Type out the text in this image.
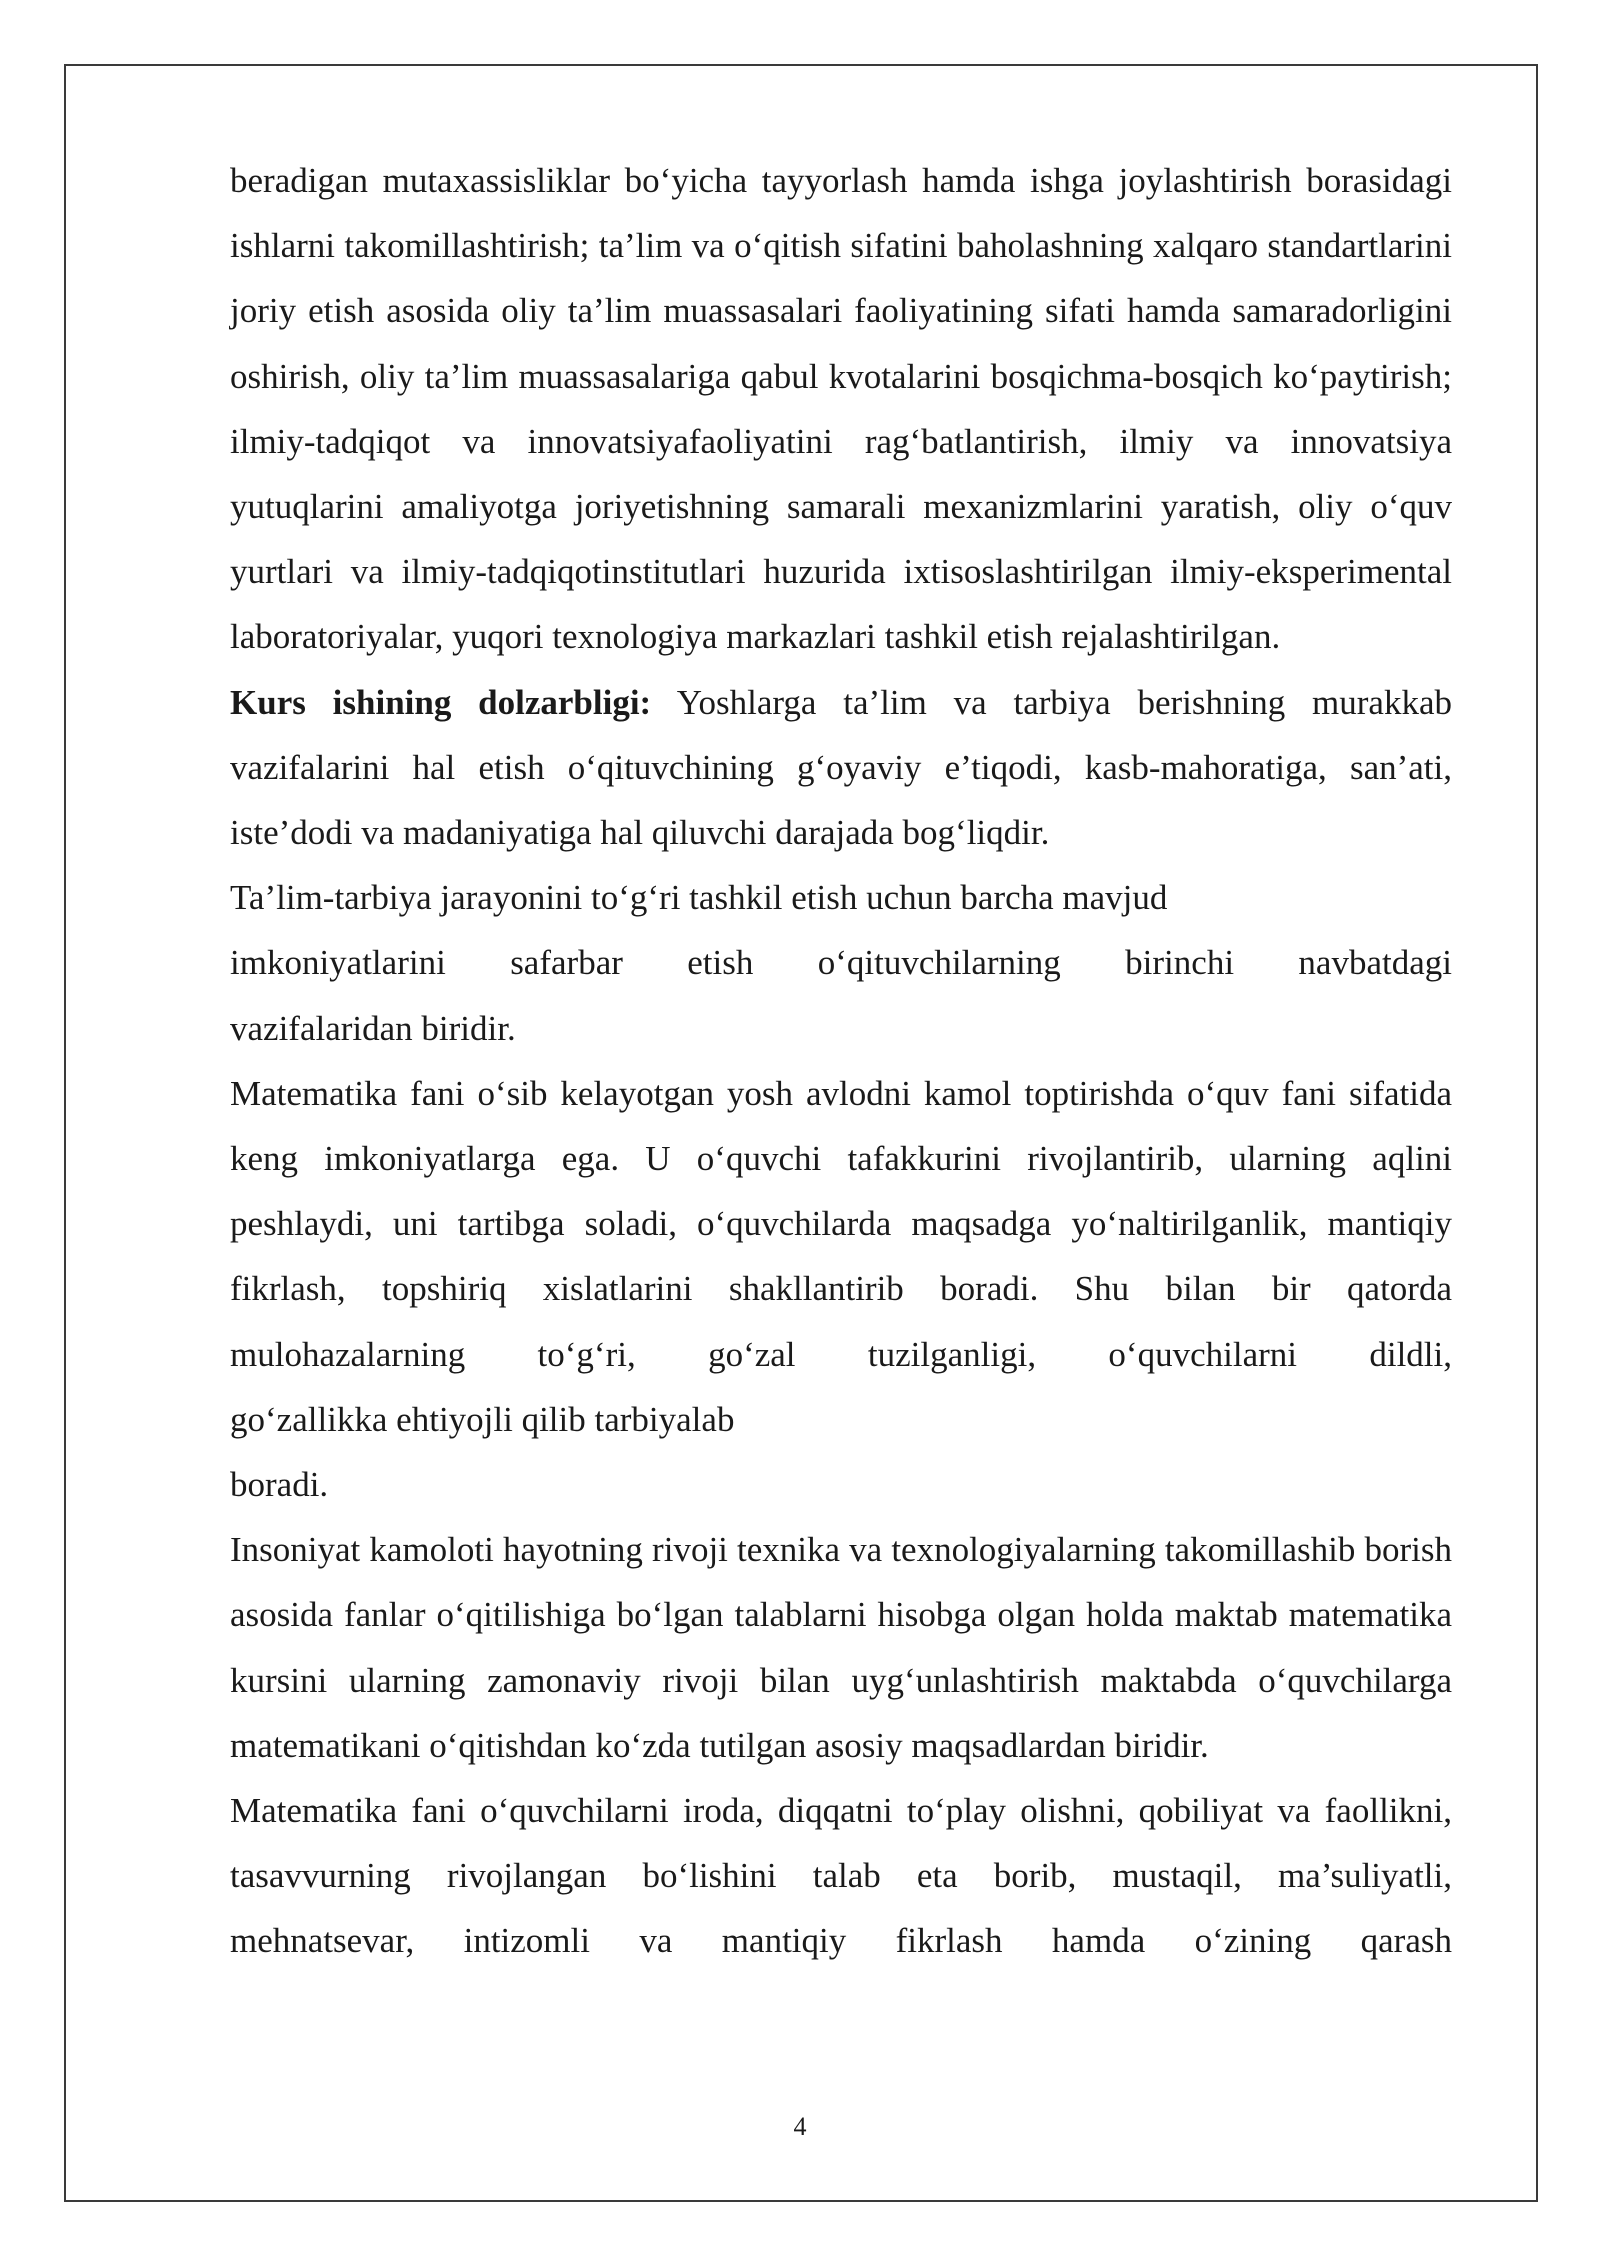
beradigan mutaxassisliklar bo‘yicha tayyorlash hamda ishga joylashtirish borasidagi ishlarni takomillashtirish; ta’lim va o‘qitish sifatini baholashning xalqaro standartlarini joriy etish asosida oliy ta’lim muassasalari faoliyatining sifati hamda samaradorligini oshirish, oliy ta’lim muassasalariga qabul kvotalarini bosqichma-bosqich ko‘paytirish; ilmiy-tadqiqot va innovatsiyafaoliyatini rag‘batlantirish, ilmiy va innovatsiya yutuqlarini amaliyotga joriyetishning samarali mexanizmlarini yaratish, oliy o‘quv yurtlari va ilmiy-tadqiqotinstitutlari huzurida ixtisoslashtirilgan ilmiy-eksperimental laboratoriyalar, yuqori texnologiya markazlari tashkil etish rejalashtirilgan.

Kurs ishining dolzarbligi: Yoshlarga ta’lim va tarbiya berishning murakkab vazifalarini hal etish o‘qituvchining g‘oyaviy e’tiqodi, kasb-mahoratiga, san’ati, iste’dodi va madaniyatiga hal qiluvchi darajada bog‘liqdir.

Ta’lim-tarbiya jarayonini to‘g‘ri tashkil etish uchun barcha mavjud

imkoniyatlarini safarbar etish o‘qituvchilarning birinchi navbatdagi

vazifalaridan biridir.

Matematika fani o‘sib kelayotgan yosh avlodni kamol toptirishda o‘quv fani sifatida keng imkoniyatlarga ega. U o‘quvchi tafakkurini rivojlantirib, ularning aqlini peshlaydi, uni tartibga soladi, o‘quvchilarda maqsadga yo‘naltirilganlik, mantiqiy fikrlash, topshiriq xislatlarini shakllantirib boradi. Shu bilan bir qatorda mulohazalarning to‘g‘ri, go‘zal tuzilganligi, o‘quvchilarni dildli,

go‘zallikka ehtiyojli qilib tarbiyalab

boradi.

Insoniyat kamoloti hayotning rivoji texnika va texnologiyalarning takomillashib borish asosida fanlar o‘qitilishiga bo‘lgan talablarni hisobga olgan holda maktab matematika kursini ularning zamonaviy rivoji bilan uyg‘unlashtirish maktabda o‘quvchilarga matematikani o‘qitishdan ko‘zda tutilgan asosiy maqsadlardan biridir.

Matematika fani o‘quvchilarni iroda, diqqatni to‘play olishni, qobiliyat va faollikni, tasavvurning rivojlangan bo‘lishini talab eta borib, mustaqil, ma’suliyatli, mehnatsevar, intizomli va mantiqiy fikrlash hamda o‘zining qarash

4
